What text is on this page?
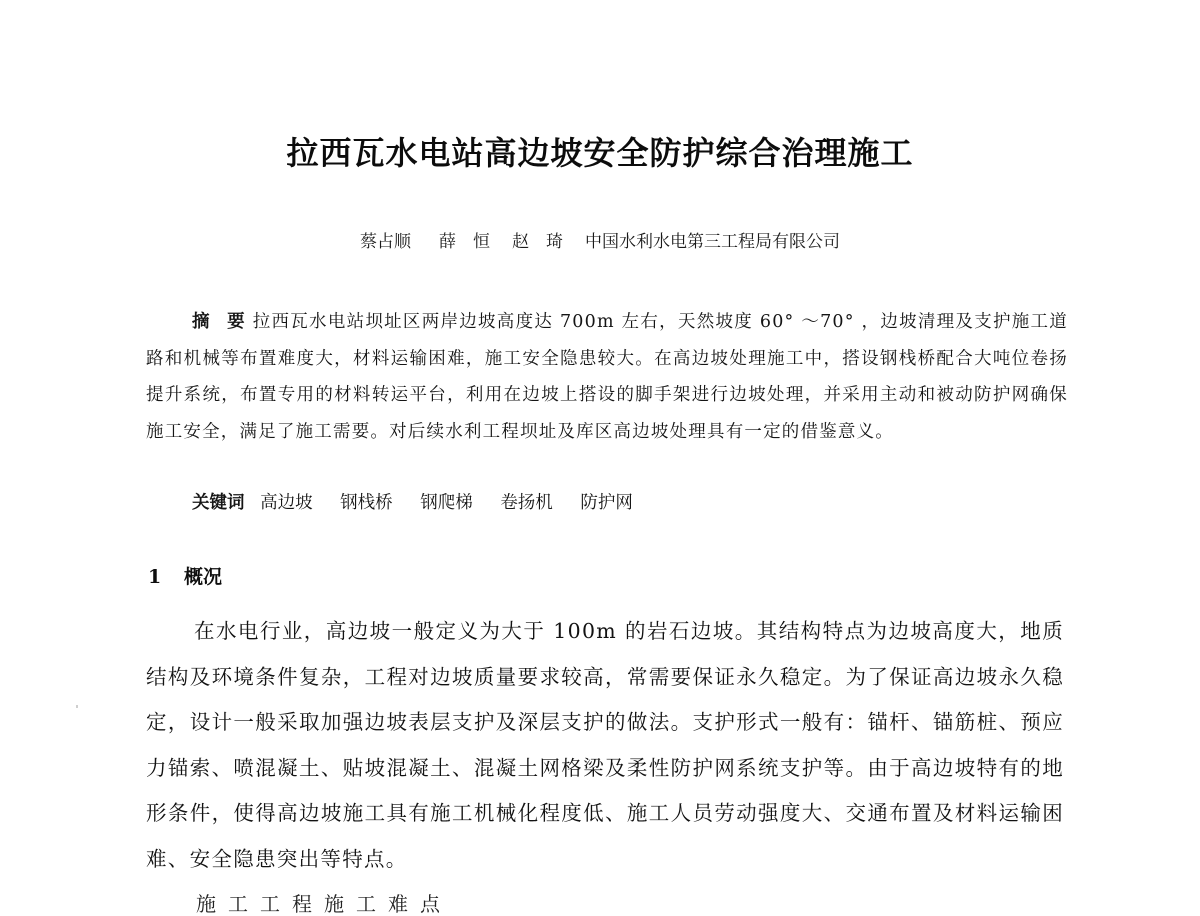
拉西瓦水电站高边坡安全防护综合治理施工
蔡占顺 薛　恒 赵　琦 中国水利水电第三工程局有限公司
摘　要 拉西瓦水电站坝址区两岸边坡高度达 700m 左右，天然坡度 60° ～70° ，边坡清理及支护施工道路和机械等布置难度大，材料运输困难，施工安全隐患较大。在高边坡处理施工中，搭设钢栈桥配合大吨位卷扬提升系统，布置专用的材料转运平台，利用在边坡上搭设的脚手架进行边坡处理，并采用主动和被动防护网确保施工安全，满足了施工需要。对后续水利工程坝址及库区高边坡处理具有一定的借鉴意义。
关键词 高边坡 钢栈桥 钢爬梯 卷扬机 防护网
1 概况
在水电行业，高边坡一般定义为大于 100m 的岩石边坡。其结构特点为边坡高度大，地质结构及环境条件复杂，工程对边坡质量要求较高，常需要保证永久稳定。为了保证高边坡永久稳定，设计一般采取加强边坡表层支护及深层支护的做法。支护形式一般有：锚杆、锚筋桩、预应力锚索、喷混凝土、贴坡混凝土、混凝土网格梁及柔性防护网系统支护等。由于高边坡特有的地形条件，使得高边坡施工具有施工机械化程度低、施工人员劳动强度大、交通布置及材料运输困难、安全隐患突出等特点。
施工工程施工难点
